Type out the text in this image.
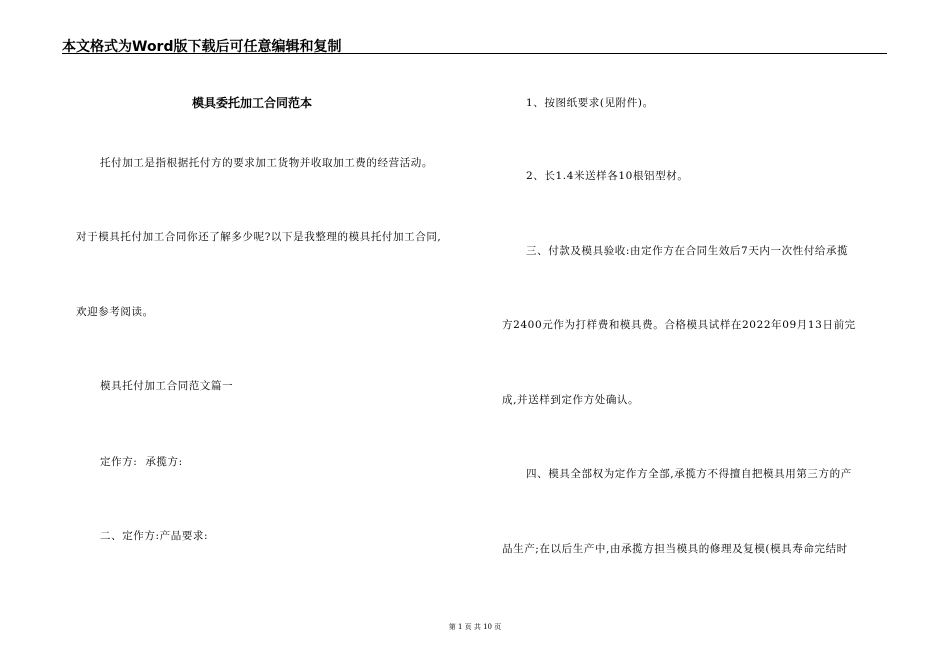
本文格式为Word版下载后可任意编辑和复制
模具委托加工合同范本
托付加工是指根据托付方的要求加工货物并收取加工费的经营活动。
对于模具托付加工合同你还了解多少呢?以下是我整理的模具托付加工合同,
欢迎参考阅读。
模具托付加工合同范文篇一
定作方:  承揽方:
二、定作方:产品要求:
1、按图纸要求(见附件)。
2、长1.4米送样各10根铝型材。
三、付款及模具验收:由定作方在合同生效后7天内一次性付给承揽
方2400元作为打样费和模具费。合格模具试样在2022年09月13日前完
成,并送样到定作方处确认。
四、模具全部权为定作方全部,承揽方不得擅自把模具用第三方的产
品生产;在以后生产中,由承揽方担当模具的修理及复模(模具寿命完结时
第 1 页 共 10 页
